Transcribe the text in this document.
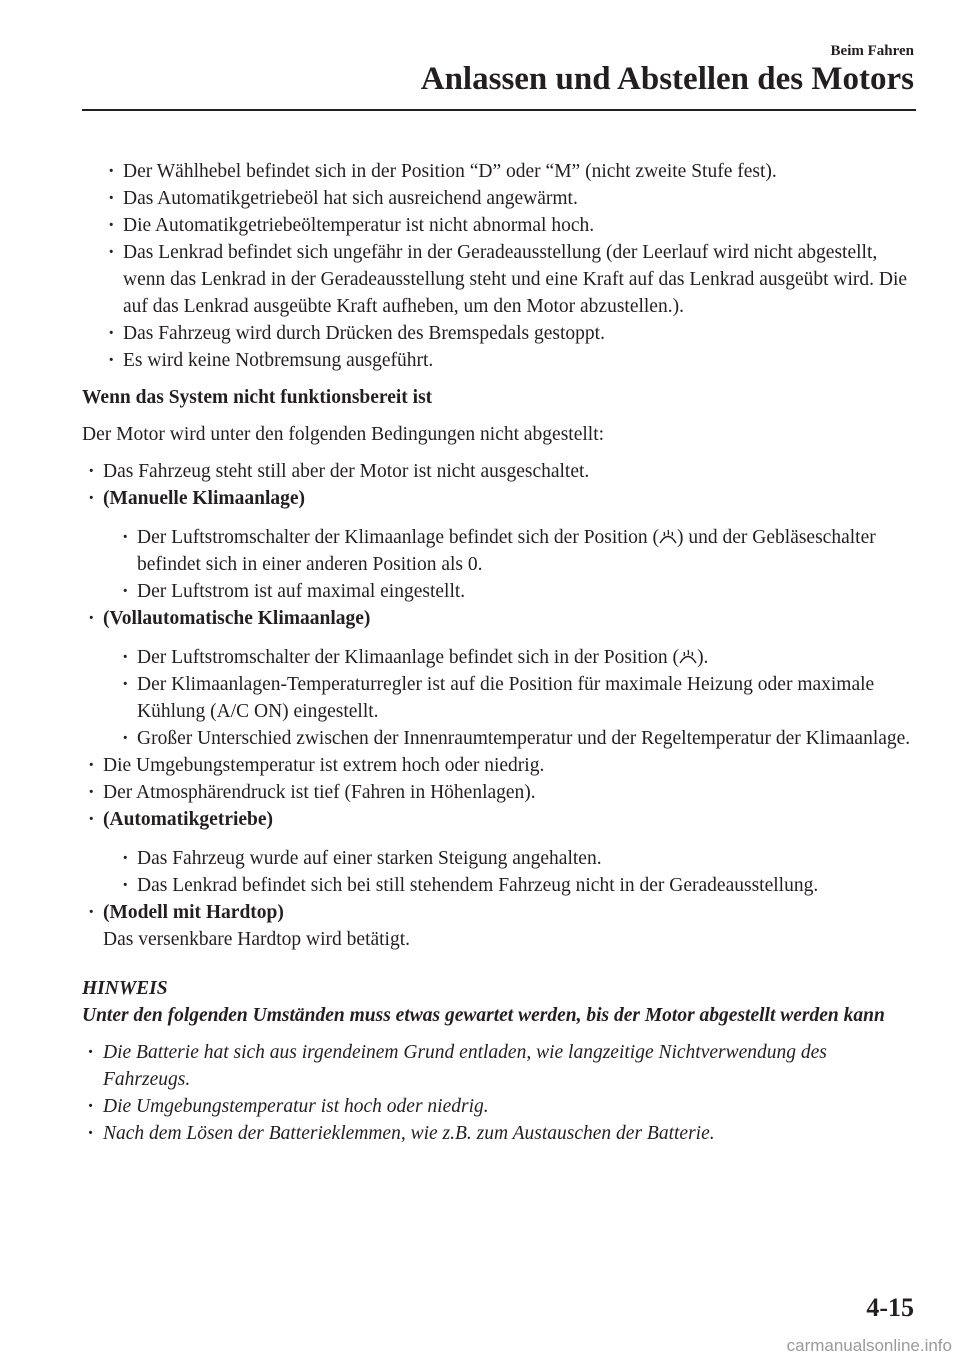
Beim Fahren
Anlassen und Abstellen des Motors
· Der Wählhebel befindet sich in der Position “D” oder “M” (nicht zweite Stufe fest).
· Das Automatikgetriebeöl hat sich ausreichend angewärmt.
· Die Automatikgetriebeöltemperatur ist nicht abnormal hoch.
· Das Lenkrad befindet sich ungefähr in der Geradeausstellung (der Leerlauf wird nicht abgestellt, wenn das Lenkrad in der Geradeausstellung steht und eine Kraft auf das Lenkrad ausgeübt wird. Die auf das Lenkrad ausgeübte Kraft aufheben, um den Motor abzustellen.).
· Das Fahrzeug wird durch Drücken des Bremspedals gestoppt.
· Es wird keine Notbremsung ausgeführt.

Wenn das System nicht funktionsbereit ist

Der Motor wird unter den folgenden Bedingungen nicht abgestellt:

· Das Fahrzeug steht still aber der Motor ist nicht ausgeschaltet.
· (Manuelle Klimaanlage)
· Der Luftstromschalter der Klimaanlage befindet sich der Position ( ) und der Gebläseschalter befindet sich in einer anderen Position als 0.
· Der Luftstrom ist auf maximal eingestellt.
· (Vollautomatische Klimaanlage)
· Der Luftstromschalter der Klimaanlage befindet sich in der Position ( ).
· Der Klimaanlagen-Temperaturregler ist auf die Position für maximale Heizung oder maximale Kühlung (A/C ON) eingestellt.
· Großer Unterschied zwischen der Innenraumtemperatur und der Regeltemperatur der Klimaanlage.
· Die Umgebungstemperatur ist extrem hoch oder niedrig.
· Der Atmosphärendruck ist tief (Fahren in Höhenlagen).
· (Automatikgetriebe)
· Das Fahrzeug wurde auf einer starken Steigung angehalten.
· Das Lenkrad befindet sich bei still stehendem Fahrzeug nicht in der Geradeausstellung.
· (Modell mit Hardtop)
Das versenkbare Hardtop wird betätigt.

HINWEIS

Unter den folgenden Umständen muss etwas gewartet werden, bis der Motor abgestellt werden kann

· Die Batterie hat sich aus irgendeinem Grund entladen, wie langzeitige Nichtverwendung des Fahrzeugs.
· Die Umgebungstemperatur ist hoch oder niedrig.
· Nach dem Lösen der Batterieklemmen, wie z.B. zum Austauschen der Batterie.
4-15
carmanualsonline.info
